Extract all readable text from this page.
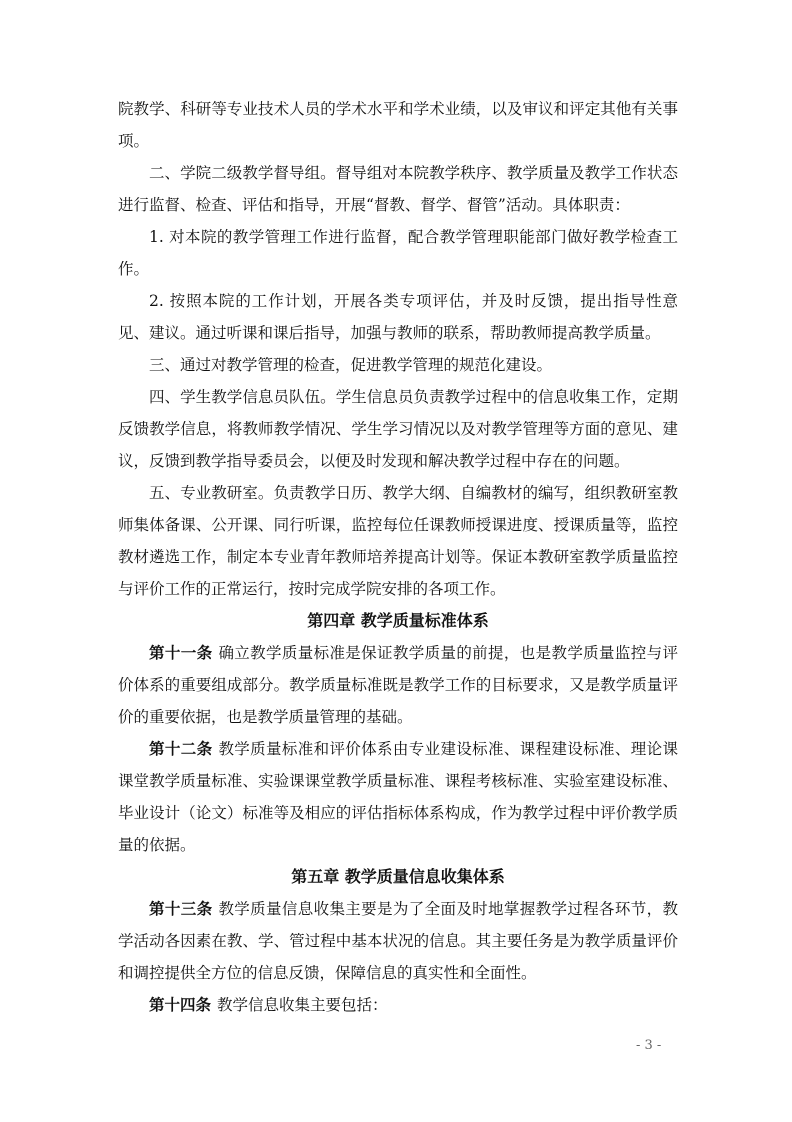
院教学、科研等专业技术人员的学术水平和学术业绩，以及审议和评定其他有关事项。

二、学院二级教学督导组。督导组对本院教学秩序、教学质量及教学工作状态进行监督、检查、评估和指导，开展“督教、督学、督管”活动。具体职责：

1. 对本院的教学管理工作进行监督，配合教学管理职能部门做好教学检查工作。

2. 按照本院的工作计划，开展各类专项评估，并及时反馈，提出指导性意见、建议。通过听课和课后指导，加强与教师的联系，帮助教师提高教学质量。

三、通过对教学管理的检查，促进教学管理的规范化建设。

四、学生教学信息员队伍。学生信息员负责教学过程中的信息收集工作，定期反馈教学信息，将教师教学情况、学生学习情况以及对教学管理等方面的意见、建议，反馈到教学指导委员会，以便及时发现和解决教学过程中存在的问题。

五、专业教研室。负责教学日历、教学大纲、自编教材的编写，组织教研室教师集体备课、公开课、同行听课，监控每位任课教师授课进度、授课质量等，监控教材遴选工作，制定本专业青年教师培养提高计划等。保证本教研室教学质量监控与评价工作的正常运行，按时完成学院安排的各项工作。

第四章 教学质量标准体系

第十一条 确立教学质量标准是保证教学质量的前提，也是教学质量监控与评价体系的重要组成部分。教学质量标准既是教学工作的目标要求，又是教学质量评价的重要依据，也是教学质量管理的基础。

第十二条 教学质量标准和评价体系由专业建设标准、课程建设标准、理论课课堂教学质量标准、实验课课堂教学质量标准、课程考核标准、实验室建设标准、毕业设计（论文）标准等及相应的评估指标体系构成，作为教学过程中评价教学质量的依据。

第五章 教学质量信息收集体系

第十三条 教学质量信息收集主要是为了全面及时地掌握教学过程各环节，教学活动各因素在教、学、管过程中基本状况的信息。其主要任务是为教学质量评价和调控提供全方位的信息反馈，保障信息的真实性和全面性。

第十四条 教学信息收集主要包括：

- 3 -
